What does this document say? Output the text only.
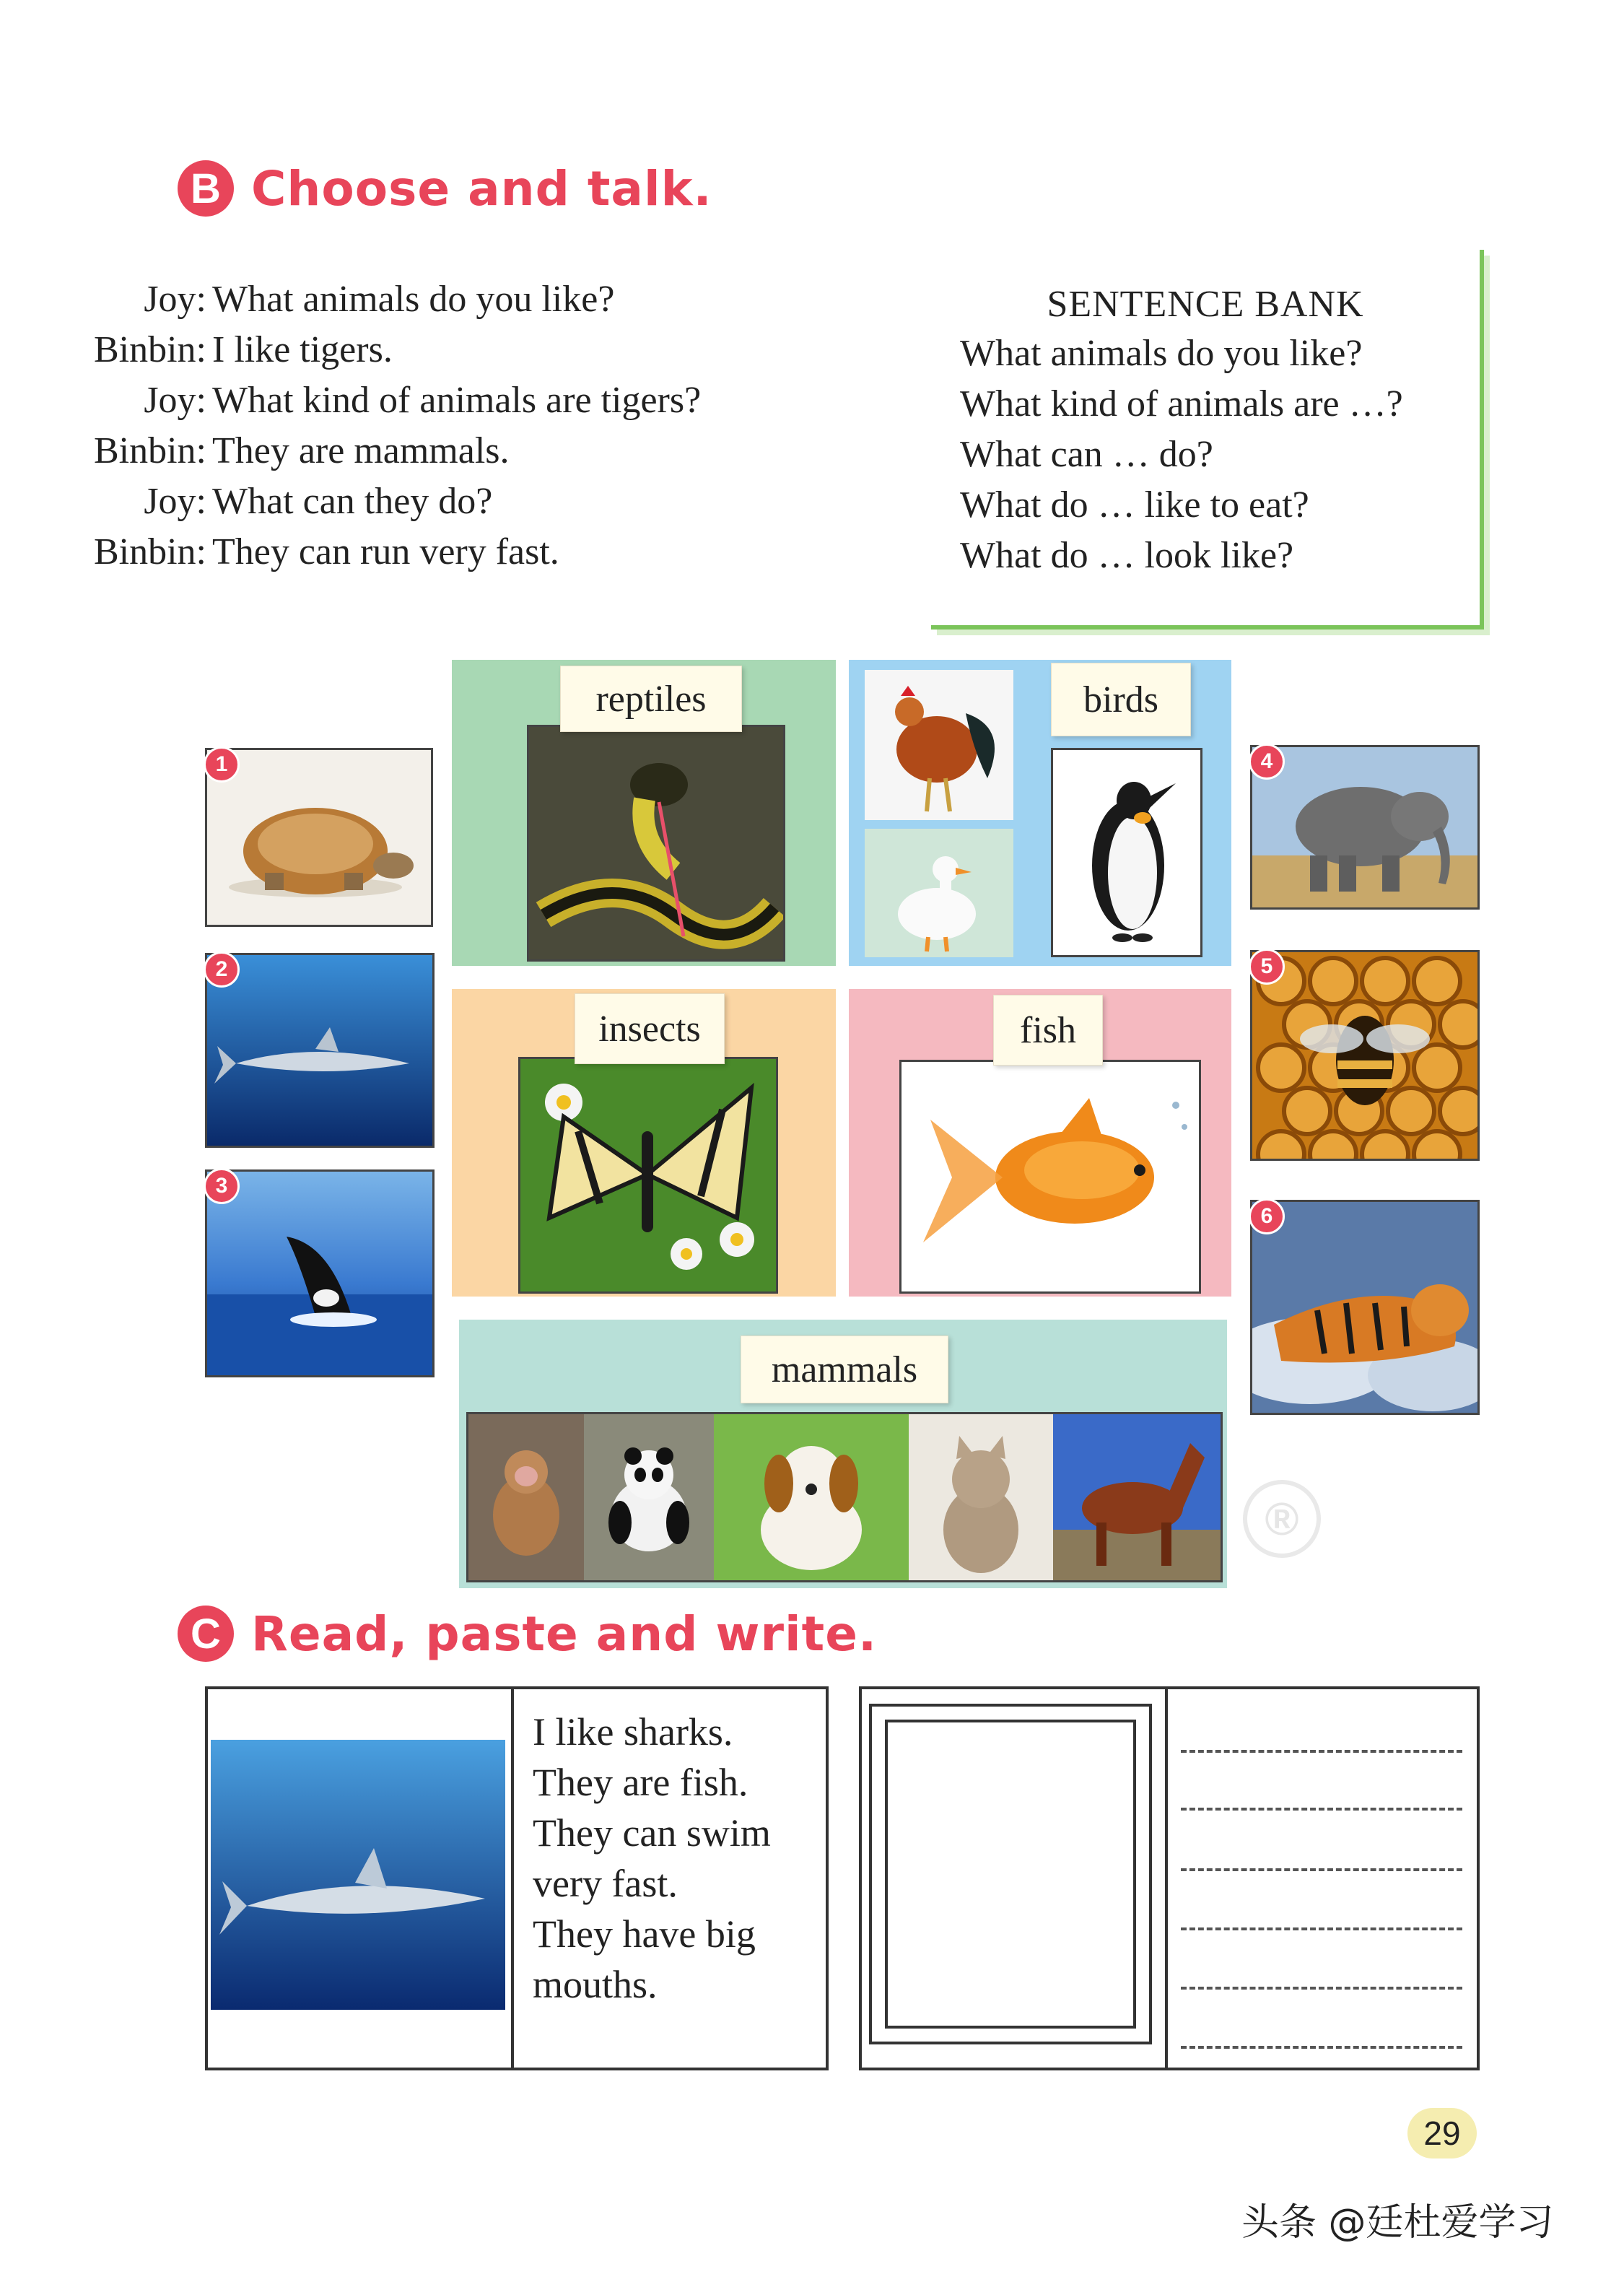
B Choose and talk.
Joy: What animals do you like?
Binbin: I like tigers.
Joy: What kind of animals are tigers?
Binbin: They are mammals.
Joy: What can they do?
Binbin: They can run very fast.
SENTENCE BANK
What animals do you like?
What kind of animals are …?
What can … do?
What do … like to eat?
What do … look like?
1
2
3
4
5
6
reptiles	birds
insects	fish
mammals
®
C Read, paste and write.
I like sharks.
They are fish.
They can swim
very fast.
They have big
mouths.
29
头条 @廷杜爱学习
